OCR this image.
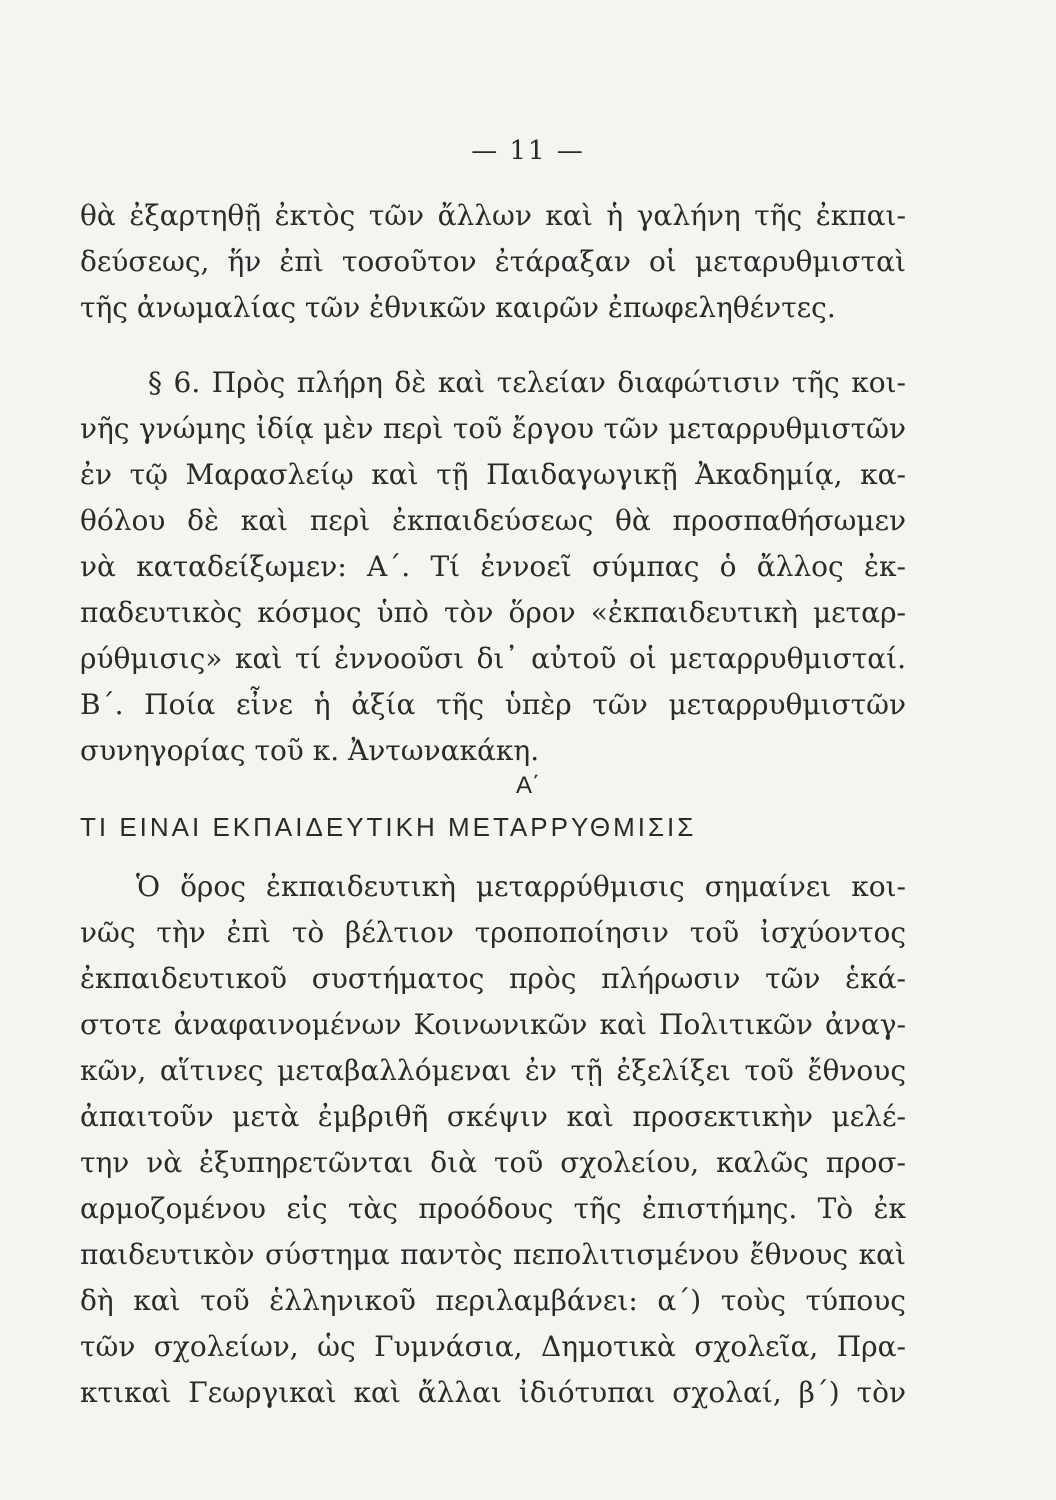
— 11 —
θὰ ἐξαρτηθῇ ἐκτὸς τῶν ἄλλων καὶ ἡ γαλήνη τῆς ἐκπαι-
δεύσεως, ἥν ἐπὶ τοσοῦτον ἐτάραξαν οἱ μεταρυθμισταὶ
τῆς ἀνωμαλίας τῶν ἐθνικῶν καιρῶν ἐπωφεληθέντες.
§ 6. Πρὸς πλήρη δὲ καὶ τελείαν διαφώτισιν τῆς κοι-
νῆς γνώμης ἰδίᾳ μὲν περὶ τοῦ ἔργου τῶν μεταρρυθμιστῶν
ἐν τῷ Μαρασλείῳ καὶ τῇ Παιδαγωγικῇ Ἀκαδημίᾳ, κα-
θόλου δὲ καὶ περὶ ἐκπαιδεύσεως θὰ προσπαθήσωμεν
νὰ καταδείξωμεν: Α΄. Τί ἐννοεῖ σύμπας ὁ ἄλλος ἐκ-
παδευτικὸς κόσμος ὑπὸ τὸν ὅρον «ἐκπαιδευτικὴ μεταρ-
ρύθμισις» καὶ τί ἐννοοῦσι δι᾽ αὐτοῦ οἱ μεταρρυθμισταί.
Β΄. Ποία εἶνε ἡ ἀξία τῆς ὑπὲρ τῶν μεταρρυθμιστῶν
συνηγορίας τοῦ κ. Ἀντωνακάκη.
Α΄
ΤΙ ΕΙΝΑΙ ΕΚΠΑΙΔΕΥΤΙΚΗ ΜΕΤΑΡΡΥΘΜΙΣΙΣ
Ὁ ὅρος ἐκπαιδευτικὴ μεταρρύθμισις σημαίνει κοι-
νῶς τὴν ἐπὶ τὸ βέλτιον τροποποίησιν τοῦ ἰσχύοντος
ἐκπαιδευτικοῦ συστήματος πρὸς πλήρωσιν τῶν ἑκά-
στοτε ἀναφαινομένων Κοινωνικῶν καὶ Πολιτικῶν ἀναγ-
κῶν, αἵτινες μεταβαλλόμεναι ἐν τῇ ἐξελίξει τοῦ ἔθνους
ἀπαιτοῦν μετὰ ἐμβριθῆ σκέψιν καὶ προσεκτικὴν μελέ-
την νὰ ἐξυπηρετῶνται διὰ τοῦ σχολείου, καλῶς προσ-
αρμοζομένου εἰς τὰς προόδους τῆς ἐπιστήμης. Τὸ ἐκ
παιδευτικὸν σύστημα παντὸς πεπολιτισμένου ἔθνους καὶ
δὴ καὶ τοῦ ἑλληνικοῦ περιλαμβάνει: α΄) τοὺς τύπους
τῶν σχολείων, ὡς Γυμνάσια, Δημοτικὰ σχολεῖα, Πρα-
κτικαὶ Γεωργικαὶ καὶ ἄλλαι ἰδιότυπαι σχολαί, β΄) τὸν
